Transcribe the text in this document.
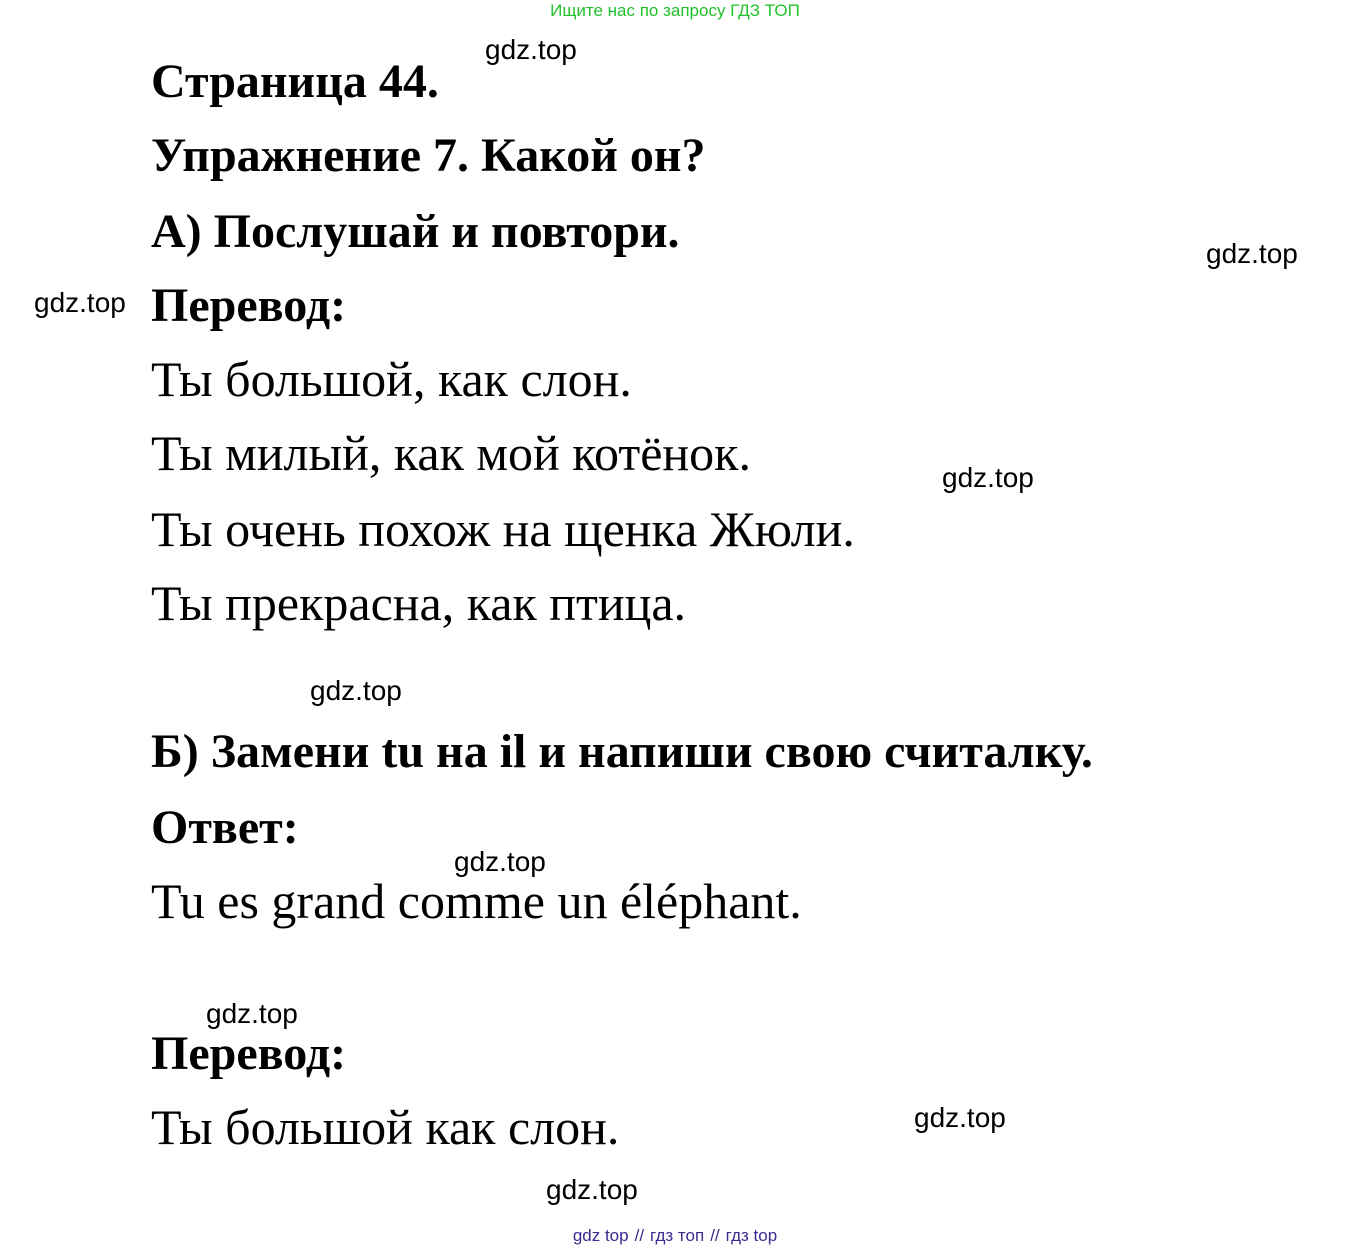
Ищите нас по запросу ГДЗ ТОП
Страница 44.
Упражнение 7. Какой он?
А) Послушай и повтори.
Перевод:
Ты большой, как слон.
Ты милый, как мой котёнок.
Ты очень похож на щенка Жюли.
Ты прекрасна, как птица.
Б) Замени tu на il и напиши свою считалку.
Ответ:
Tu es grand comme un éléphant.
Перевод:
Ты большой как слон.
gdz.top
gdz.top
gdz.top
gdz.top
gdz.top
gdz.top
gdz.top
gdz.top
gdz.top
gdz top // гдз топ // гдз top
